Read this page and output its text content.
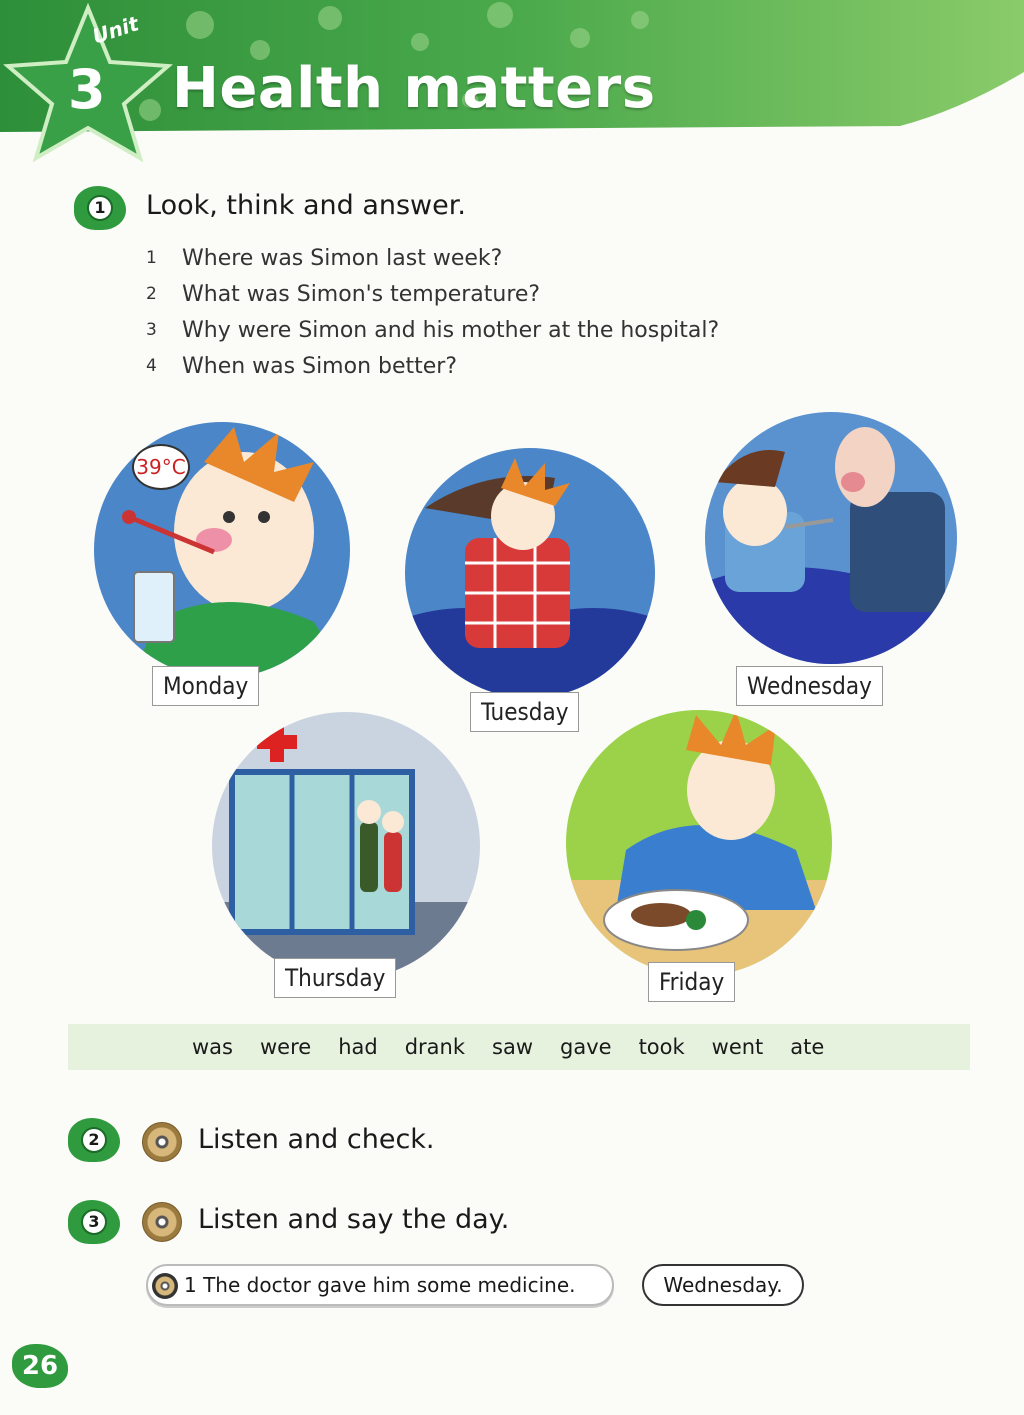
Unit
3 Health matters
1 Look, think and answer.
1	Where was Simon last week?
2	What was Simon's temperature?
3	Why were Simon and his mother at the hospital?
4	When was Simon better?
39°C
Monday
Tuesday
Wednesday
Thursday	Friday
was were had drank saw gave took went ate
2	Listen and check.
3	Listen and say the day.
1 The doctor gave him some medicine.	Wednesday.
26
